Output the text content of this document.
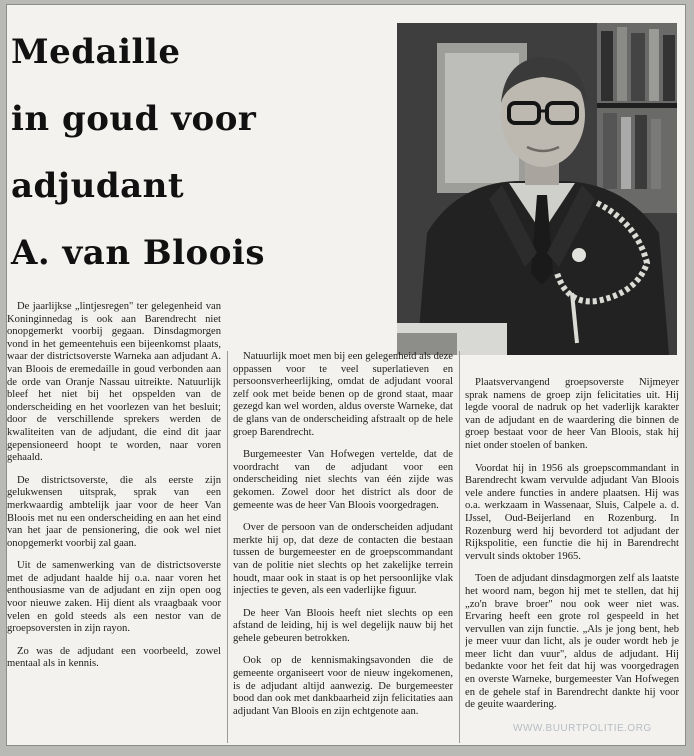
Medaille
in goud voor
adjudant
A. van Bloois

De jaarlijkse „lintjesregen" ter gelegenheid van Koninginnedag is ook aan Barendrecht niet onopgemerkt voorbij gegaan. Dinsdagmorgen vond in het gemeentehuis een bijeenkomst plaats, waar der districtsoverste Warneka aan adjudant A. van Bloois de eremedaille in goud verbonden aan de orde van Oranje Nassau uitreikte. Natuurlijk bleef het niet bij het opspelden van de onderscheiding en het voorlezen van het besluit; door de verschillende sprekers werden de kwaliteiten van de adjudant, die eind dit jaar gepensioneerd hoopt te worden, naar voren gehaald.

De districtsoverste, die als eerste zijn gelukwensen uitsprak, sprak van een merkwaardig ambtelijk jaar voor de heer Van Bloois met nu een onderscheiding en aan het eind van het jaar de pensionering, die ook wel niet onopgemerkt voorbij zal gaan.

Uit de samenwerking van de districtsoverste met de adjudant haalde hij o.a. naar voren het enthousiasme van de adjudant en zijn open oog voor nieuwe zaken. Hij dient als vraagbaak voor velen en gold steeds als een nestor van de groepsoversten in zijn rayon.

Zo was de adjudant een voorbeeld, zowel mentaal als in kennis.

Natuurlijk moet men bij een gelegenheid als deze oppassen voor te veel superlatieven en persoonsverheerlijking, omdat de adjudant vooral zelf ook met beide benen op de grond staat, maar gezegd kan wel worden, aldus overste Warneke, dat de glans van de onderscheiding afstraalt op de hele groep Barendrecht.

Burgemeester Van Hofwegen vertelde, dat de voordracht van de adjudant voor een onderscheiding niet slechts van één zijde was gekomen. Zowel door het district als door de gemeente was de heer Van Bloois voorgedragen.

Over de persoon van de onderscheiden adjudant merkte hij op, dat deze de contacten die bestaan tussen de burgemeester en de groepscommandant van de politie niet slechts op het zakelijke terrein houdt, maar ook in staat is op het persoonlijke vlak injecties te geven, als een vaderlijke figuur.

De heer Van Bloois heeft niet slechts op een afstand de leiding, hij is wel degelijk nauw bij het gehele gebeuren betrokken.

Ook op de kennismakingsavonden die de gemeente organiseert voor de nieuw ingekomenen, is de adjudant altijd aanwezig. De burgemeester bood dan ook met dankbaarheid zijn felicitaties aan adjudant Van Bloois en zijn echtgenote aan.

Plaatsvervangend groepsoverste Nijmeyer sprak namens de groep zijn felicitaties uit. Hij legde vooral de nadruk op het vaderlijk karakter van de adjudant en de waardering die binnen de groep bestaat voor de heer Van Bloois, stak hij niet onder stoelen of banken.

Voordat hij in 1956 als groepscommandant in Barendrecht kwam vervulde adjudant Van Bloois vele andere functies in andere plaatsen. Hij was o.a. werkzaam in Wassenaar, Sluis, Calpele a. d. IJssel, Oud-Beijerland en Rozenburg. In Rozenburg werd hij bevorderd tot adjudant der Rijkspolitie, een functie die hij in Barendrecht vervult sinds oktober 1965.

Toen de adjudant dinsdagmorgen zelf als laatste het woord nam, begon hij met te stellen, dat hij „zo'n brave broer" nou ook weer niet was. Ervaring heeft een grote rol gespeeld in het vervullen van zijn functie. „Als je jong bent, heb je meer vuur dan licht, als je ouder wordt heb je meer licht dan vuur", aldus de adjudant. Hij bedankte voor het feit dat hij was voorgedragen en overste Warneke, burgemeester Van Hofwegen en de gehele staf in Barendrecht dankte hij voor de geuite waardering.

WWW.BUURTPOLITIE.ORG
